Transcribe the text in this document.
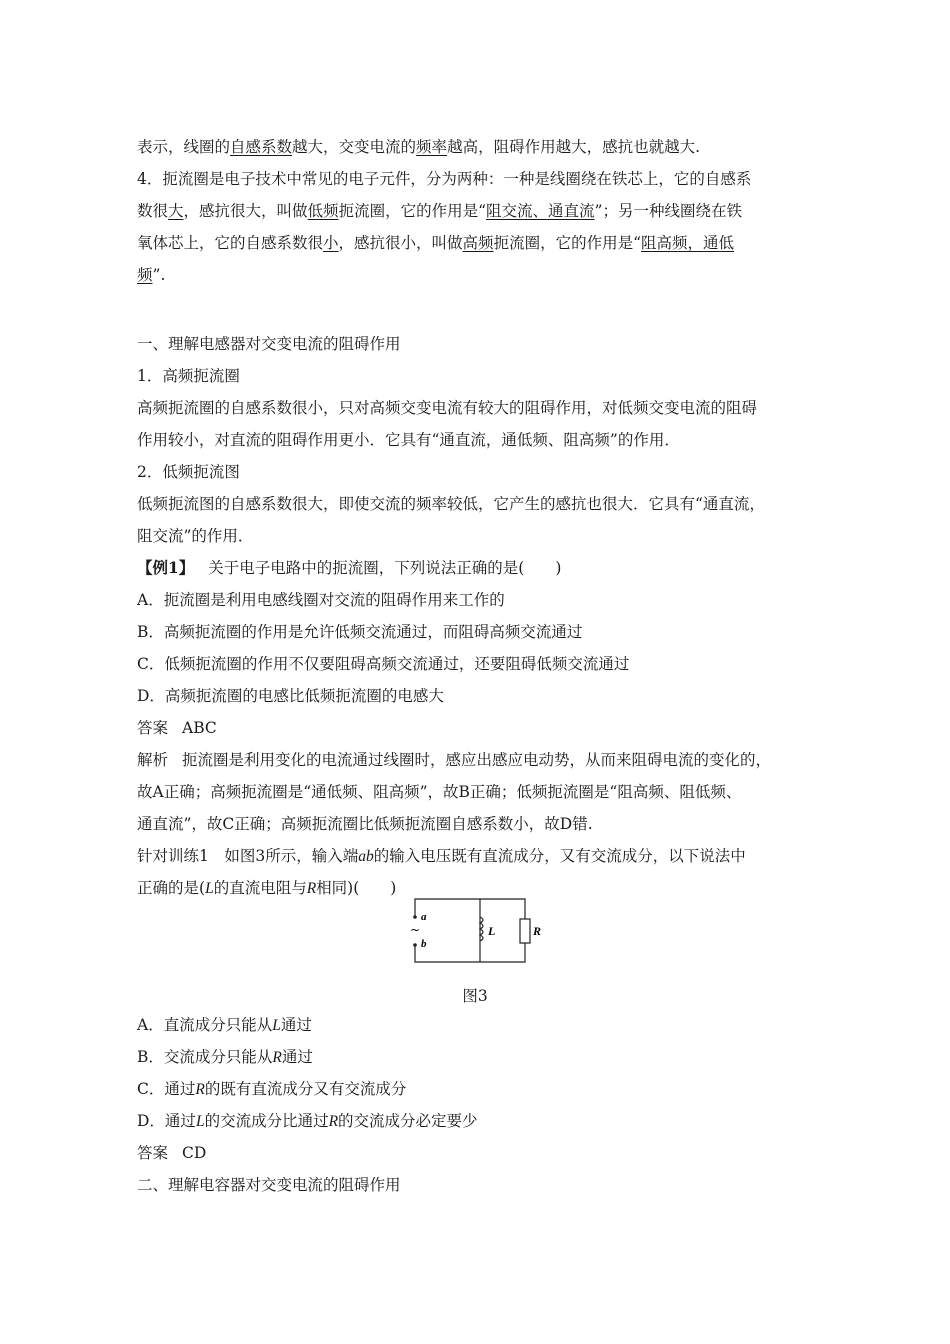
表示，线圈的自感系数越大，交变电流的频率越高，阻碍作用越大，感抗也就越大.
4．扼流圈是电子技术中常见的电子元件，分为两种：一种是线圈绕在铁芯上，它的自感系
数很大，感抗很大，叫做低频扼流圈，它的作用是“阻交流、通直流”；另一种线圈绕在铁
氧体芯上，它的自感系数很小，感抗很小，叫做高频扼流圈，它的作用是“阻高频，通低
频”.
一、理解电感器对交变电流的阻碍作用
1．高频扼流圈
高频扼流圈的自感系数很小，只对高频交变电流有较大的阻碍作用，对低频交变电流的阻碍
作用较小，对直流的阻碍作用更小．它具有“通直流，通低频、阻高频”的作用．
2．低频扼流图
低频扼流图的自感系数很大，即使交流的频率较低，它产生的感抗也很大．它具有“通直流，
阻交流”的作用．
【例1】 关于电子电路中的扼流圈，下列说法正确的是(　　)
A．扼流圈是利用电感线圈对交流的阻碍作用来工作的
B．高频扼流圈的作用是允许低频交流通过，而阻碍高频交流通过
C．低频扼流圈的作用不仅要阻碍高频交流通过，还要阻碍低频交流通过
D．高频扼流圈的电感比低频扼流圈的电感大
答案 ABC
解析 扼流圈是利用变化的电流通过线圈时，感应出感应电动势，从而来阻碍电流的变化的，
故A正确；高频扼流圈是“通低频、阻高频”，故B正确；低频扼流圈是“阻高频、阻低频、
通直流”，故C正确；高频扼流圈比低频扼流圈自感系数小，故D错.
针对训练1　如图3所示，输入端ab的输入电压既有直流成分，又有交流成分，以下说法中
正确的是(L的直流电阻与R相同)(　　)
a
b
~	L	R
图3
A．直流成分只能从L通过
B．交流成分只能从R通过
C．通过R的既有直流成分又有交流成分
D．通过L的交流成分比通过R的交流成分必定要少
答案 CD
二、理解电容器对交变电流的阻碍作用
